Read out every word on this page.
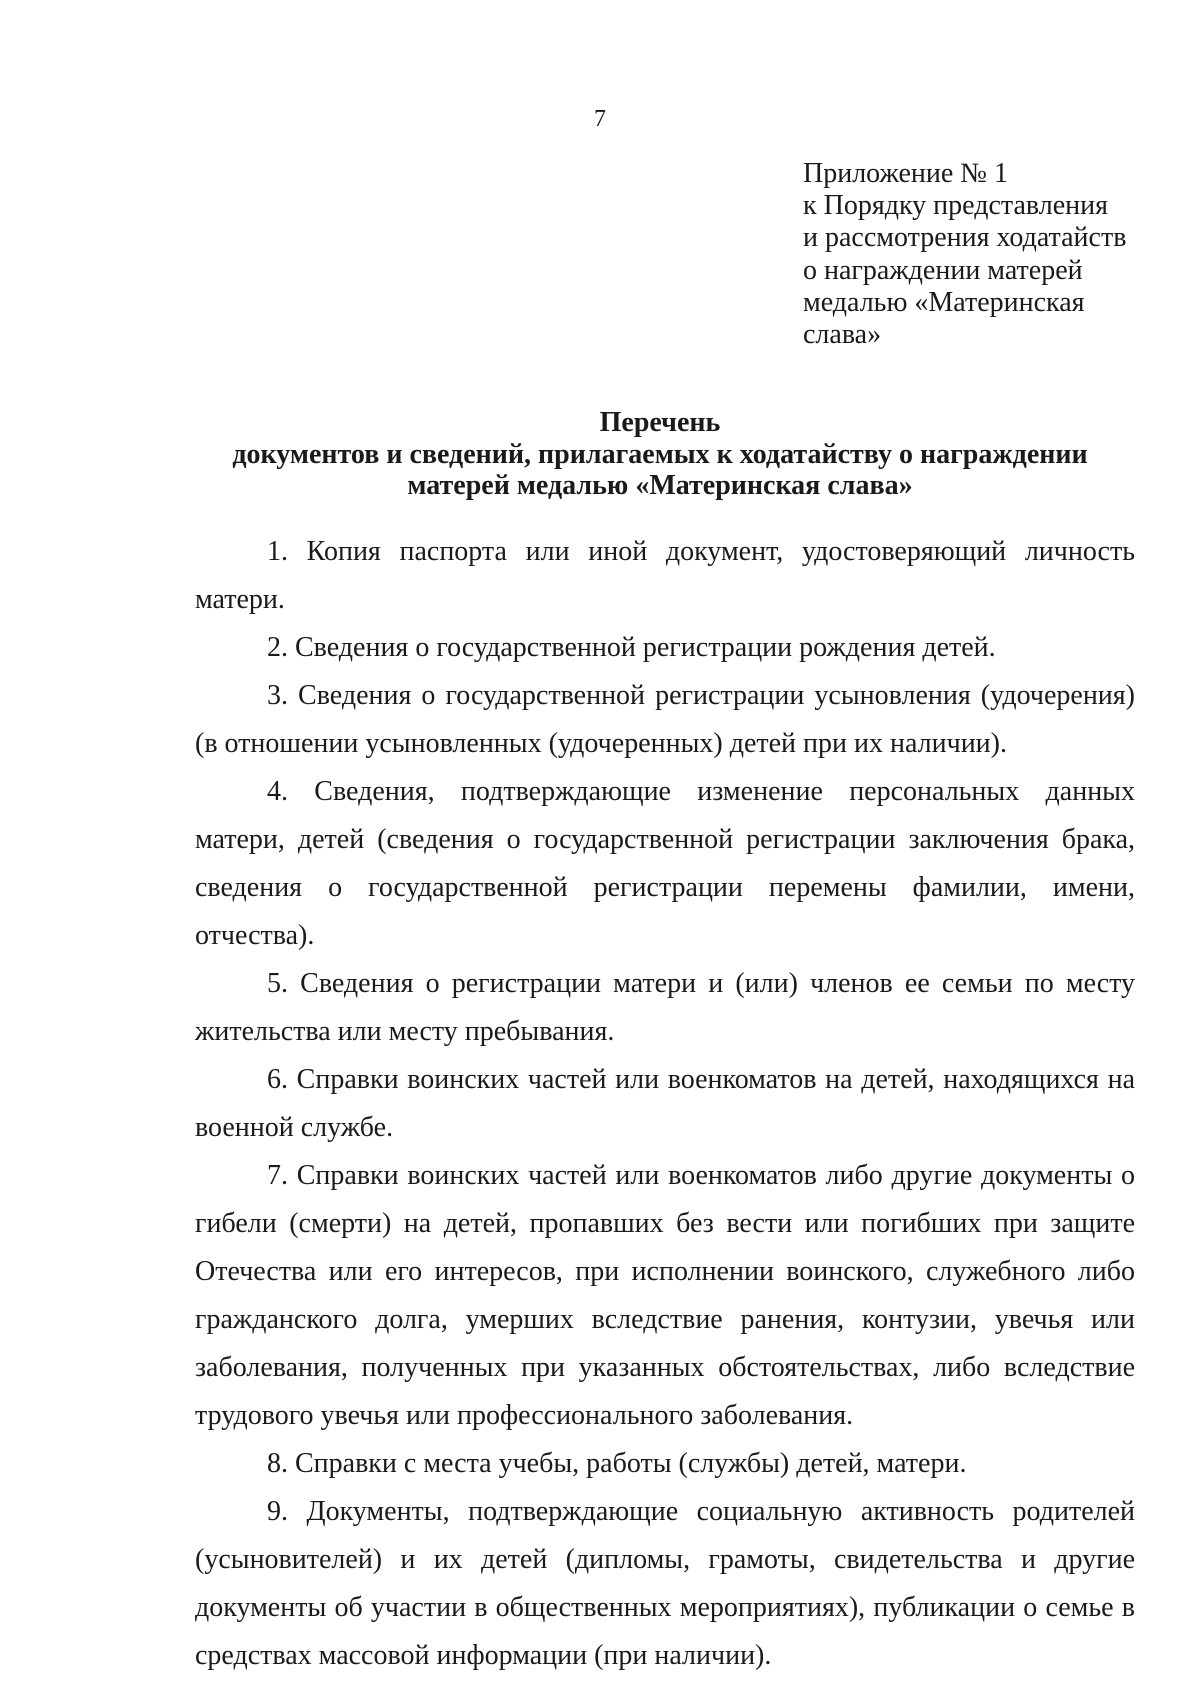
7
Приложение № 1
к Порядку представления
и рассмотрения ходатайств
о награждении матерей
медалью «Материнская
слава»
Перечень
документов и сведений, прилагаемых к ходатайству о награждении
матерей медалью «Материнская слава»

1. Копия паспорта или иной документ, удостоверяющий личность матери.

2. Сведения о государственной регистрации рождения детей.

3. Сведения о государственной регистрации усыновления (удочерения) (в отношении усыновленных (удочеренных) детей при их наличии).

4. Сведения, подтверждающие изменение персональных данных матери, детей (сведения о государственной регистрации заключения брака, сведения о государственной регистрации перемены фамилии, имени, отчества).

5. Сведения о регистрации матери и (или) членов ее семьи по месту жительства или месту пребывания.

6. Справки воинских частей или военкоматов на детей, находящихся на военной службе.

7. Справки воинских частей или военкоматов либо другие документы о гибели (смерти) на детей, пропавших без вести или погибших при защите Отечества или его интересов, при исполнении воинского, служебного либо гражданского долга, умерших вследствие ранения, контузии, увечья или заболевания, полученных при указанных обстоятельствах, либо вследствие трудового увечья или профессионального заболевания.

8. Справки с места учебы, работы (службы) детей, матери.

9. Документы, подтверждающие социальную активность родителей (усыновителей) и их детей (дипломы, грамоты, свидетельства и другие документы об участии в общественных мероприятиях), публикации о семье в средствах массовой информации (при наличии).
